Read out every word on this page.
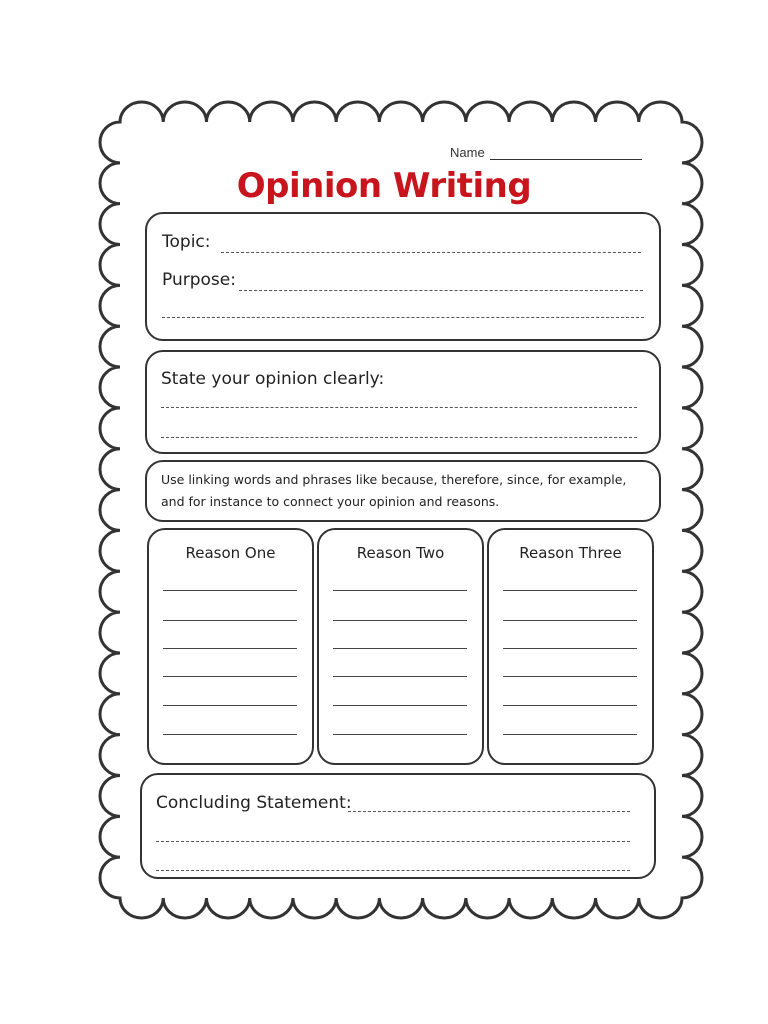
Name
Opinion Writing
Topic:
Purpose:
State your opinion clearly:
Use linking words and phrases like because, therefore, since, for example, and for instance to connect your opinion and reasons.
Reason One	Reason Two	Reason Three
Concluding Statement:
